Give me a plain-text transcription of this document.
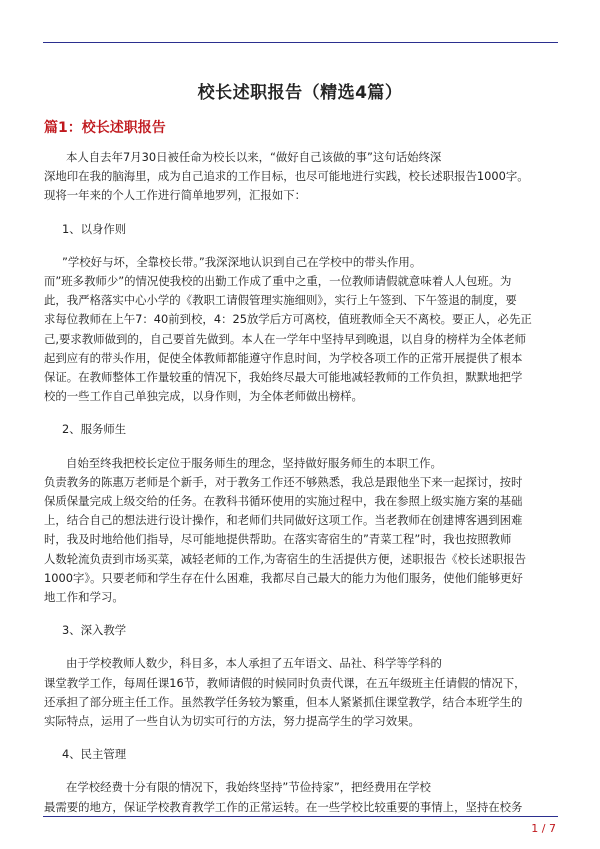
校长述职报告（精选4篇）
篇1：校长述职报告
本人自去年7月30日被任命为校长以来，“做好自己该做的事”这句话始终深
深地印在我的脑海里，成为自己追求的工作目标，也尽可能地进行实践，校长述职报告1000字。
现将一年来的个人工作进行简单地罗列，汇报如下：
1、以身作则
”学校好与坏，全靠校长带。”我深深地认识到自己在学校中的带头作用。
而”班多教师少”的情况使我校的出勤工作成了重中之重，一位教师请假就意味着人人包班。为
此，我严格落实中心小学的《教职工请假管理实施细则》，实行上午签到、下午签退的制度，要
求每位教师在上午7：40前到校，4：25放学后方可离校，值班教师全天不离校。要正人，必先正
己,要求教师做到的，自己要首先做到。本人在一学年中坚持早到晚退，以自身的榜样为全体老师
起到应有的带头作用，促使全体教师都能遵守作息时间，为学校各项工作的正常开展提供了根本
保证。在教师整体工作量较重的情况下，我始终尽最大可能地减轻教师的工作负担，默默地把学
校的一些工作自己单独完成，以身作则，为全体老师做出榜样。
2、服务师生
自始至终我把校长定位于服务师生的理念，坚持做好服务师生的本职工作。
负责教务的陈惠万老师是个新手，对于教务工作还不够熟悉，我总是跟他坐下来一起探讨，按时
保质保量完成上级交给的任务。在教科书循环使用的实施过程中，我在参照上级实施方案的基础
上，结合自己的想法进行设计操作，和老师们共同做好这项工作。当老教师在创建博客遇到困难
时，我及时地给他们指导，尽可能地提供帮助。在落实寄宿生的”青菜工程”时，我也按照教师
人数轮流负责到市场买菜，减轻老师的工作,为寄宿生的生活提供方便，述职报告《校长述职报告
1000字》。只要老师和学生存在什么困难，我都尽自己最大的能力为他们服务，使他们能够更好
地工作和学习。
3、深入教学
由于学校教师人数少，科目多，本人承担了五年语文、品社、科学等学科的
课堂教学工作，每周任课16节，教师请假的时候同时负责代课，在五年级班主任请假的情况下，
还承担了部分班主任工作。虽然教学任务较为繁重，但本人紧紧抓住课堂教学，结合本班学生的
实际特点，运用了一些自认为切实可行的方法，努力提高学生的学习效果。
4、民主管理
在学校经费十分有限的情况下，我始终坚持”节俭持家”，把经费用在学校
最需要的地方，保证学校教育教学工作的正常运转。在一些学校比较重要的事情上，坚持在校务
1 / 7
